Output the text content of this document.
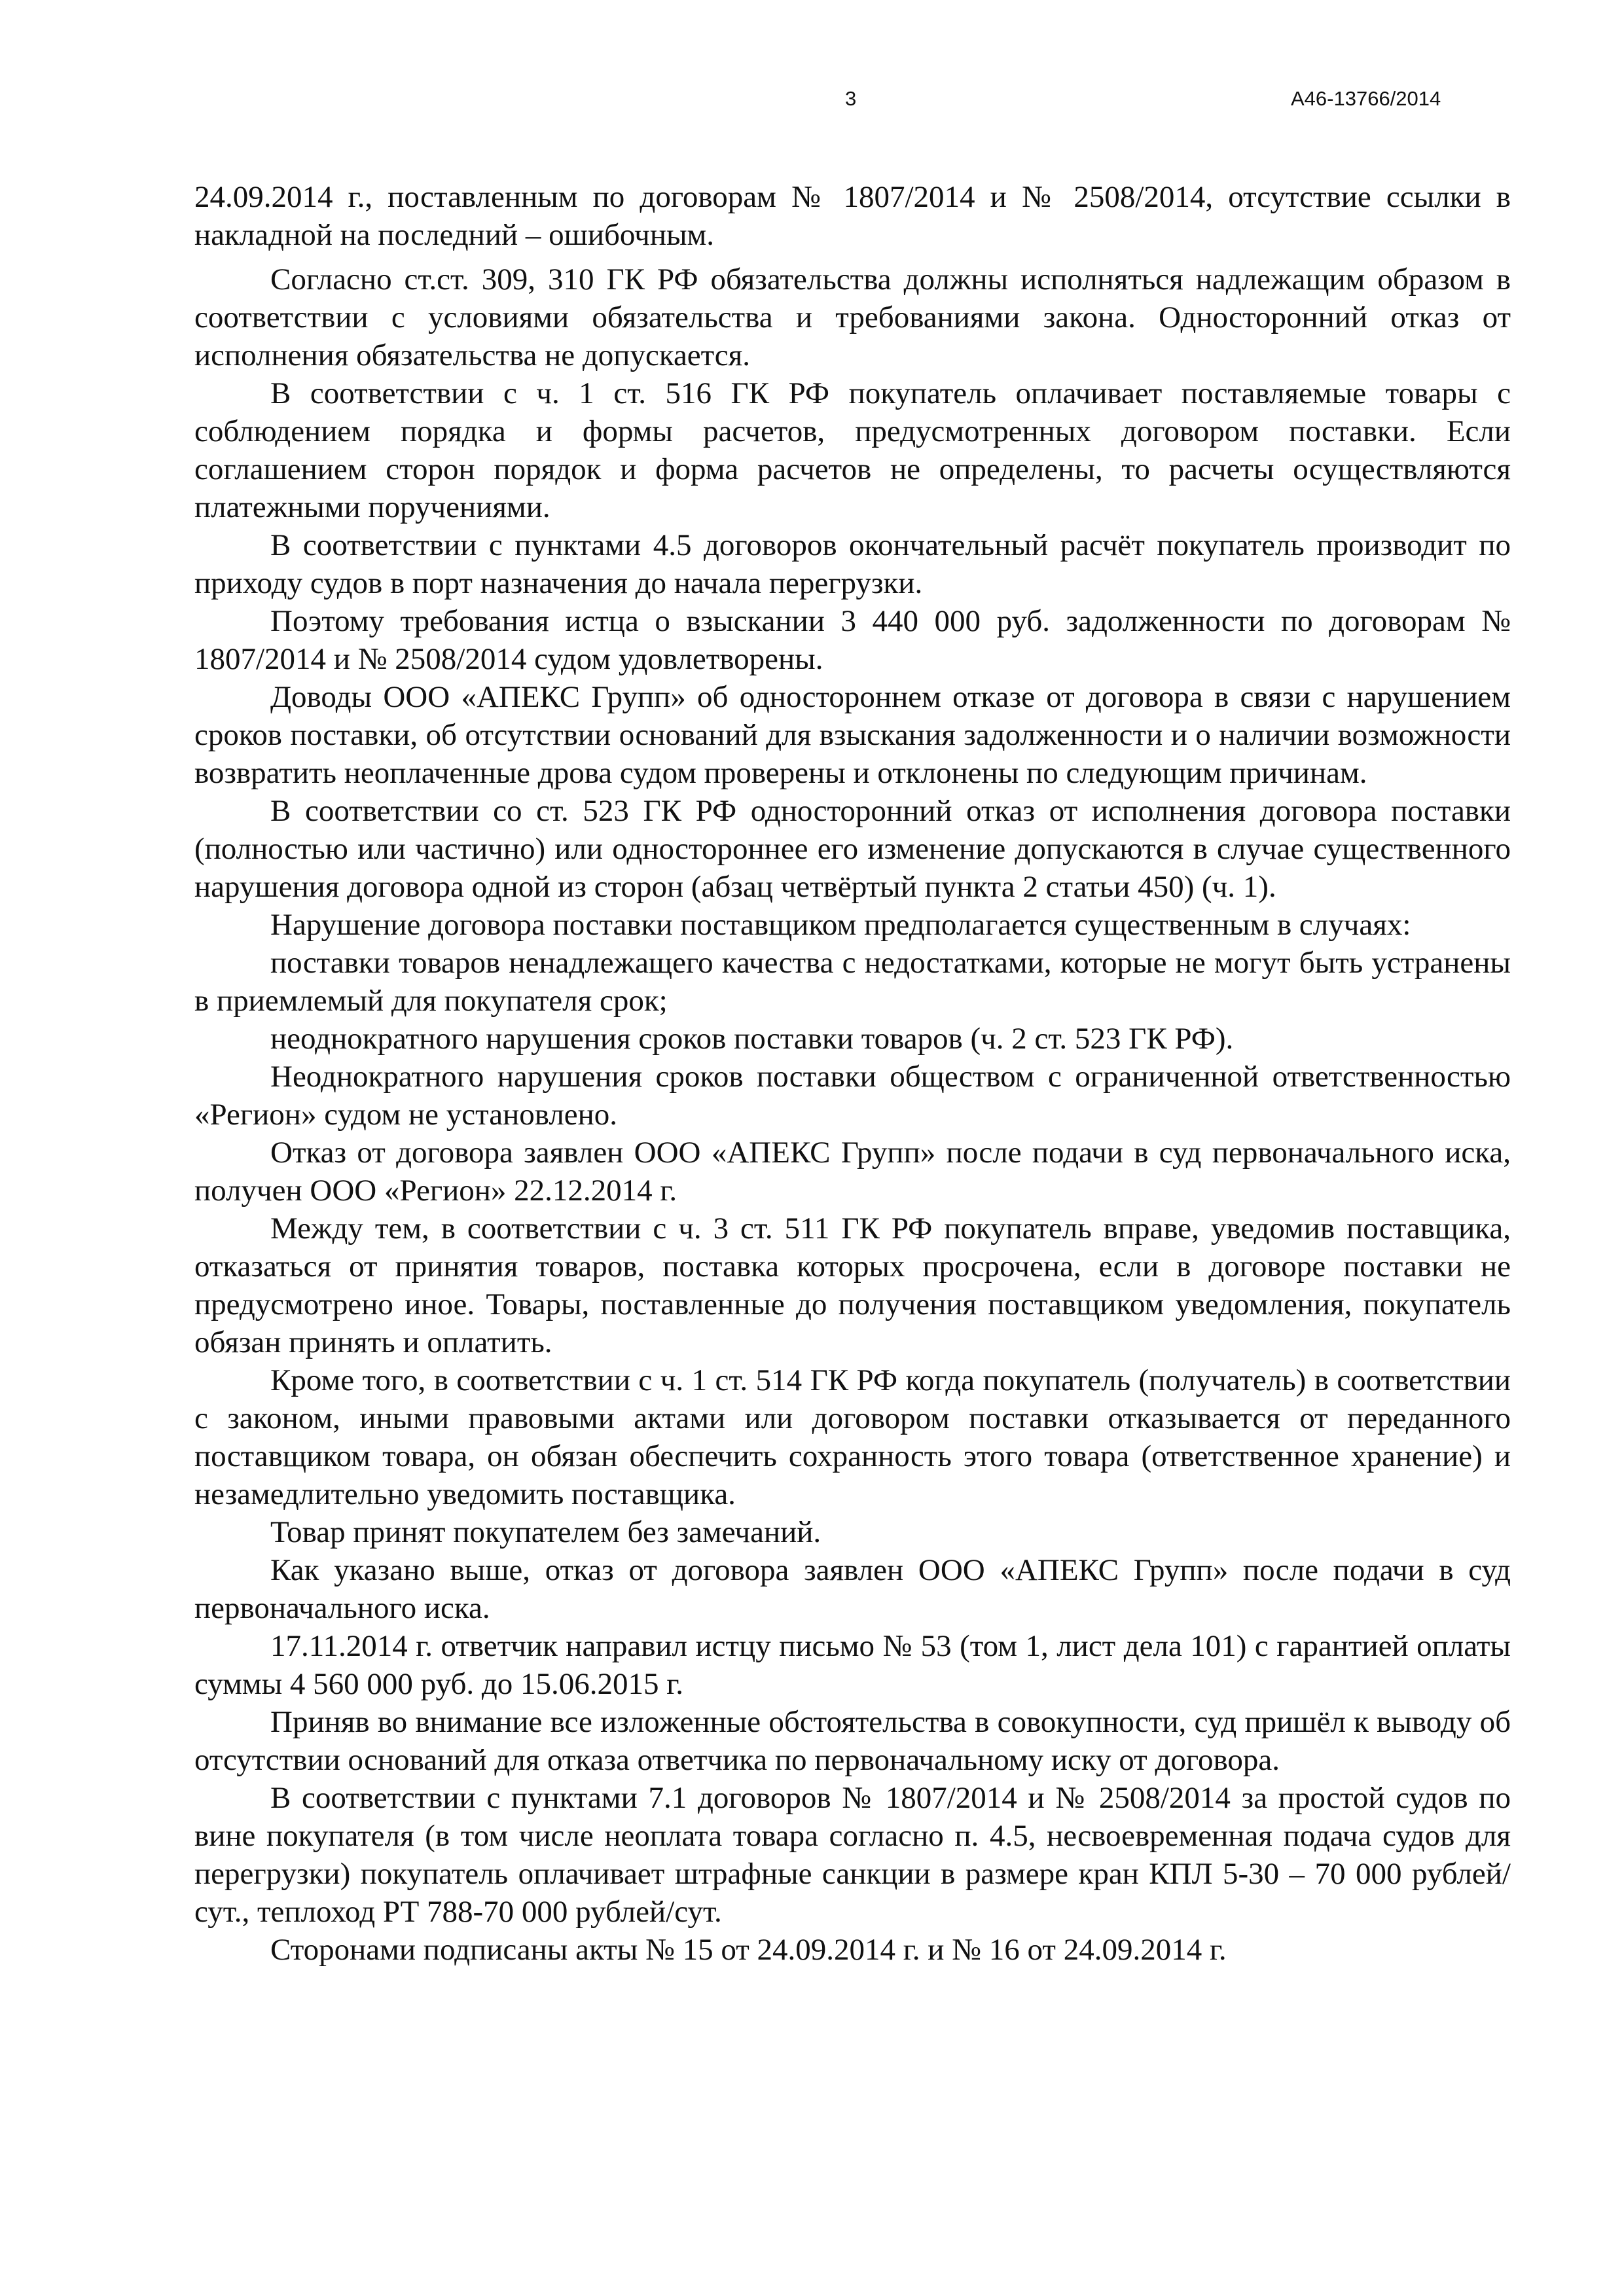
3	А46-13766/2014

24.09.2014 г., поставленным по договорам № 1807/2014 и № 2508/2014, отсутствие ссылки в накладной на последний – ошибочным.

Согласно ст.ст. 309, 310 ГК РФ обязательства должны исполняться надлежащим образом в соответствии с условиями обязательства и требованиями закона. Односторонний отказ от исполнения обязательства не допускается.

В соответствии с ч. 1 ст. 516 ГК РФ покупатель оплачивает поставляемые товары с соблюдением порядка и формы расчетов, предусмотренных договором поставки. Если соглашением сторон порядок и форма расчетов не определены, то расчеты осуществляются платежными поручениями.

В соответствии с пунктами 4.5 договоров окончательный расчёт покупатель производит по приходу судов в порт назначения до начала перегрузки.

Поэтому требования истца о взыскании 3 440 000 руб. задолженности по договорам № 1807/2014 и № 2508/2014 судом удовлетворены.

Доводы ООО «АПЕКС Групп» об одностороннем отказе от договора в связи с нарушением сроков поставки, об отсутствии оснований для взыскания задолженности и о наличии возможности возвратить неоплаченные дрова судом проверены и отклонены по следующим причинам.

В соответствии со ст. 523 ГК РФ односторонний отказ от исполнения договора поставки (полностью или частично) или одностороннее его изменение допускаются в случае существенного нарушения договора одной из сторон (абзац четвёртый пункта 2 статьи 450) (ч. 1).

Нарушение договора поставки поставщиком предполагается существенным в случаях:

поставки товаров ненадлежащего качества с недостатками, которые не могут быть устранены в приемлемый для покупателя срок;

неоднократного нарушения сроков поставки товаров (ч. 2 ст. 523 ГК РФ).

Неоднократного нарушения сроков поставки обществом с ограниченной ответственностью «Регион» судом не установлено.

Отказ от договора заявлен ООО «АПЕКС Групп» после подачи в суд первоначального иска, получен ООО «Регион» 22.12.2014 г.

Между тем, в соответствии с ч. 3 ст. 511 ГК РФ покупатель вправе, уведомив поставщика, отказаться от принятия товаров, поставка которых просрочена, если в договоре поставки не предусмотрено иное. Товары, поставленные до получения поставщиком уведомления, покупатель обязан принять и оплатить.

Кроме того, в соответствии с ч. 1 ст. 514 ГК РФ когда покупатель (получатель) в соответствии с законом, иными правовыми актами или договором поставки отказывается от переданного поставщиком товара, он обязан обеспечить сохранность этого товара (ответственное хранение) и незамедлительно уведомить поставщика.

Товар принят покупателем без замечаний.

Как указано выше, отказ от договора заявлен ООО «АПЕКС Групп» после подачи в суд первоначального иска.

17.11.2014 г. ответчик направил истцу письмо № 53 (том 1, лист дела 101) с гарантией оплаты суммы 4 560 000 руб. до 15.06.2015 г.

Приняв во внимание все изложенные обстоятельства в совокупности, суд пришёл к выводу об отсутствии оснований для отказа ответчика по первоначальному иску от договора.

В соответствии с пунктами 7.1 договоров № 1807/2014 и № 2508/2014 за простой судов по вине покупателя (в том числе неоплата товара согласно п. 4.5, несвоевременная подача судов для перегрузки) покупатель оплачивает штрафные санкции в размере кран КПЛ 5-30 – 70 000 рублей/сут., теплоход РТ 788-70 000 рублей/сут.

Сторонами подписаны акты № 15 от 24.09.2014 г. и № 16 от 24.09.2014 г.
